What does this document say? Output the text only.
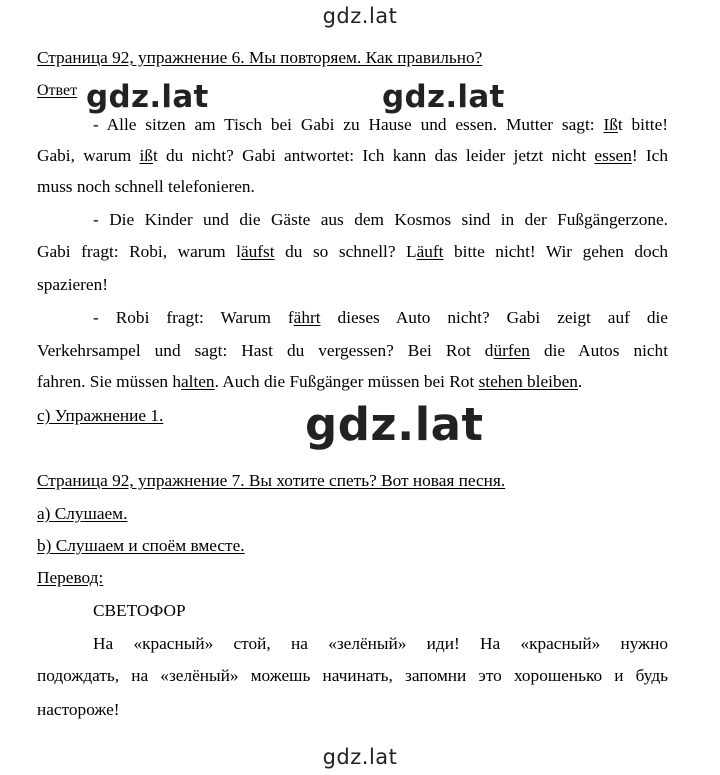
gdz.lat
gdz.lat	gdz.lat
gdz.lat
gdz.lat
Страница 92, упражнение 6. Мы повторяем. Как правильно?
Ответ
- Alle sitzen am Tisch bei Gabi zu Hause und essen. Mutter sagt: Ißt bitte!
Gabi, warum ißt du nicht? Gabi antwortet: Ich kann das leider jetzt nicht essen! Ich
muss noch schnell telefonieren.
- Die Kinder und die Gäste aus dem Kosmos sind in der Fußgängerzone.
Gabi fragt: Robi, warum läufst du so schnell? Läuft bitte nicht! Wir gehen doch
spazieren!
- Robi fragt: Warum fährt dieses Auto nicht? Gabi zeigt auf die
Verkehrsampel und sagt: Hast du vergessen? Bei Rot dürfen die Autos nicht
fahren. Sie müssen halten. Auch die Fußgänger müssen bei Rot stehen bleiben.
c) Упражнение 1.
Страница 92, упражнение 7. Вы хотите спеть? Вот новая песня.
a) Слушаем.
b) Слушаем и споём вместе.
Перевод:
СВЕТОФОР
На «красный» стой, на «зелёный» иди! На «красный» нужно
подождать, на «зелёный» можешь начинать, запомни это хорошенько и будь
настороже!
